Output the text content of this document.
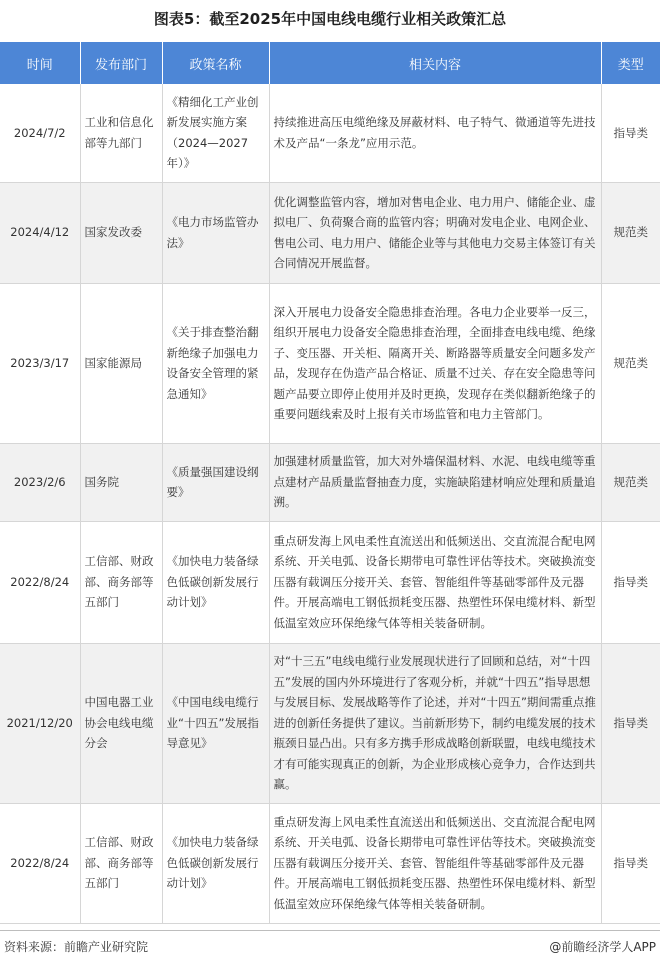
图表5：截至2025年中国电线电缆行业相关政策汇总
时间	发布部门	政策名称	相关内容	类型
2024/7/2	工业和信息化部等九部门	《精细化工产业创新发展实施方案（2024—2027年）》	持续推进高压电缆绝缘及屏蔽材料、电子特气、微通道等先进技术及产品“一条龙”应用示范。	指导类
2024/4/12	国家发改委	《电力市场监管办法》	优化调整监管内容，增加对售电企业、电力用户、储能企业、虚拟电厂、负荷聚合商的监管内容；明确对发电企业、电网企业、售电公司、电力用户、储能企业等与其他电力交易主体签订有关合同情况开展监督。	规范类
2023/3/17	国家能源局	《关于排查整治翻新绝缘子加强电力设备安全管理的紧急通知》	深入开展电力设备安全隐患排查治理。各电力企业要举一反三，组织开展电力设备安全隐患排查治理，全面排查电线电缆、绝缘子、变压器、开关柜、隔离开关、断路器等质量安全问题多发产品，发现存在伪造产品合格证、质量不过关、存在安全隐患等问题产品要立即停止使用并及时更换，发现存在类似翻新绝缘子的重要问题线索及时上报有关市场监管和电力主管部门。	规范类
2023/2/6	国务院	《质量强国建设纲要》	加强建材质量监管，加大对外墙保温材料、水泥、电线电缆等重点建材产品质量监督抽查力度，实施缺陷建材响应处理和质量追溯。	规范类
2022/8/24	工信部、财政部、商务部等五部门	《加快电力装备绿色低碳创新发展行动计划》	重点研发海上风电柔性直流送出和低频送出、交直流混合配电网系统、开关电弧、设备长期带电可靠性评估等技术。突破换流变压器有载调压分接开关、套管、智能组件等基础零部件及元器件。开展高端电工钢低损耗变压器、热塑性环保电缆材料、新型低温室效应环保绝缘气体等相关装备研制。	指导类
2021/12/20	中国电器工业协会电线电缆分会	《中国电线电缆行业“十四五”发展指导意见》	对“十三五”电线电缆行业发展现状进行了回顾和总结，对“十四五”发展的国内外环境进行了客观分析，并就“十四五”指导思想与发展目标、发展战略等作了论述，并对“十四五”期间需重点推进的创新任务提供了建议。当前新形势下，制约电缆发展的技术瓶颈日显凸出。只有多方携手形成战略创新联盟，电线电缆技术才有可能实现真正的创新，为企业形成核心竞争力，合作达到共赢。	指导类
2022/8/24	工信部、财政部、商务部等五部门	《加快电力装备绿色低碳创新发展行动计划》	重点研发海上风电柔性直流送出和低频送出、交直流混合配电网系统、开关电弧、设备长期带电可靠性评估等技术。突破换流变压器有载调压分接开关、套管、智能组件等基础零部件及元器件。开展高端电工钢低损耗变压器、热塑性环保电缆材料、新型低温室效应环保绝缘气体等相关装备研制。	指导类
资料来源：前瞻产业研究院	@前瞻经济学人APP
